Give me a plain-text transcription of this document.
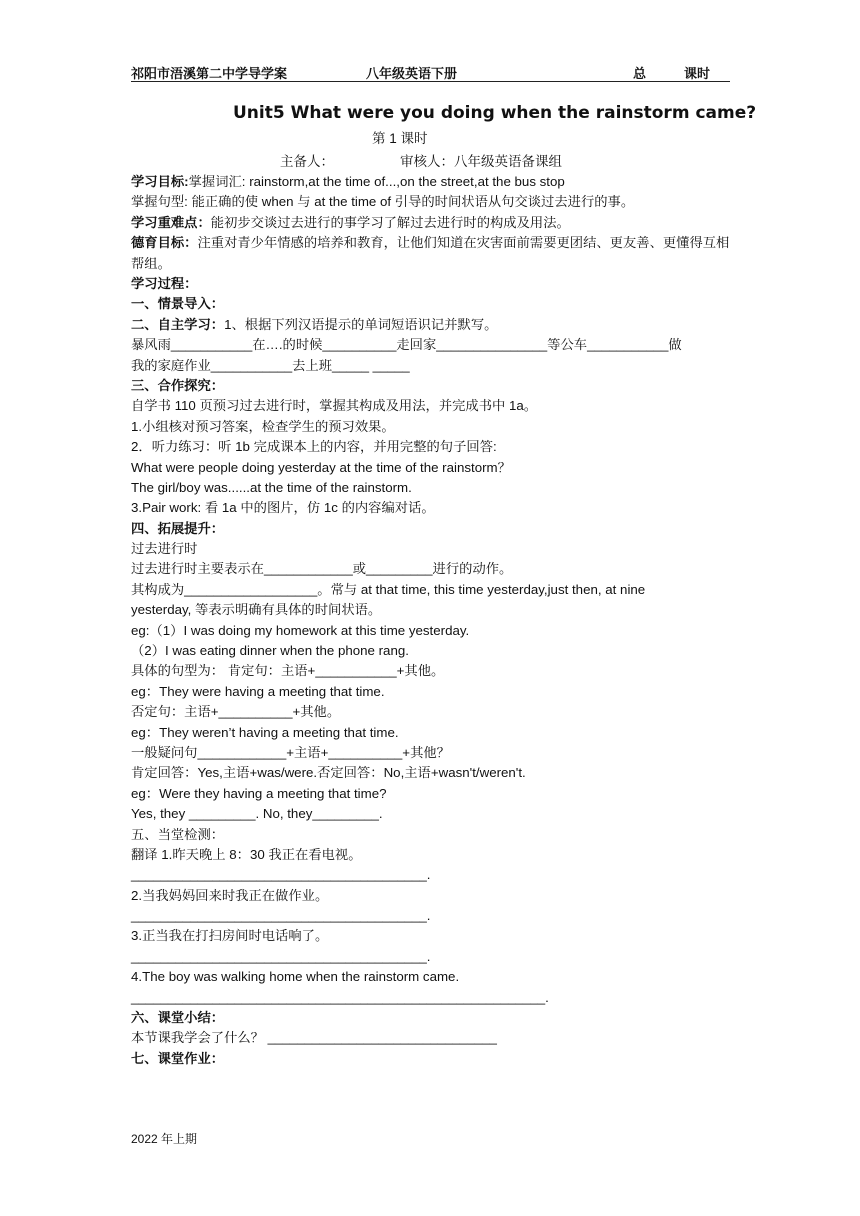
祁阳市浯溪第二中学导学案	八年级英语下册	总	课时
Unit5 What were you doing when the rainstorm came?
第 1 课时
主备人：	审核人：八年级英语备课组
学习目标:掌握词汇: rainstorm,at the time of...,on the street,at the bus stop
掌握句型: 能正确的使 when 与 at the time of 引导的时间状语从句交谈过去进行的事。
学习重难点：能初步交谈过去进行的事学习了解过去进行时的构成及用法。
德育目标：注重对青少年情感的培养和教育，让他们知道在灾害面前需要更团结、更友善、更懂得互相帮组。
学习过程：
一、情景导入：
二、自主学习：1、根据下列汉语提示的单词短语识记并默写。
暴风雨___________在….的时候__________走回家_______________等公车___________做
我的家庭作业___________去上班_____ _____
三、合作探究：
自学书 110 页预习过去进行时，掌握其构成及用法，并完成书中 1a。
1.小组核对预习答案，检查学生的预习效果。
2．听力练习：听 1b 完成课本上的内容，并用完整的句子回答:
What were people doing yesterday at the time of the rainstorm？
The girl/boy was......at the time of the rainstorm.
3.Pair work: 看 1a 中的图片，仿 1c 的内容编对话。
四、拓展提升：
过去进行时
过去进行时主要表示在____________或_________进行的动作。
其构成为__________________。常与 at that time, this time yesterday,just then, at nine
yesterday, 等表示明确有具体的时间状语。
eg:（1）I was doing my homework at this time yesterday.
（2）I was eating dinner when the phone rang.
具体的句型为： 肯定句：主语+___________+其他。
eg：They were having a meeting that time.
否定句：主语+__________+其他。
eg：They weren’t having a meeting that time.
一般疑问句____________+主语+__________+其他？
肯定回答：Yes,主语+was/were.否定回答：No,主语+wasn't/weren't.
eg：Were they having a meeting that time?
Yes, they _________. No, they_________.
五、当堂检测：
翻译 1.昨天晚上 8：30 我正在看电视。
________________________________________.
2.当我妈妈回来时我正在做作业。
________________________________________.
3.正当我在打扫房间时电话响了。
________________________________________.
4.The boy was walking home when the rainstorm came.
________________________________________________________.
六、课堂小结：
本节课我学会了什么？ _______________________________
七、课堂作业：
2022 年上期
